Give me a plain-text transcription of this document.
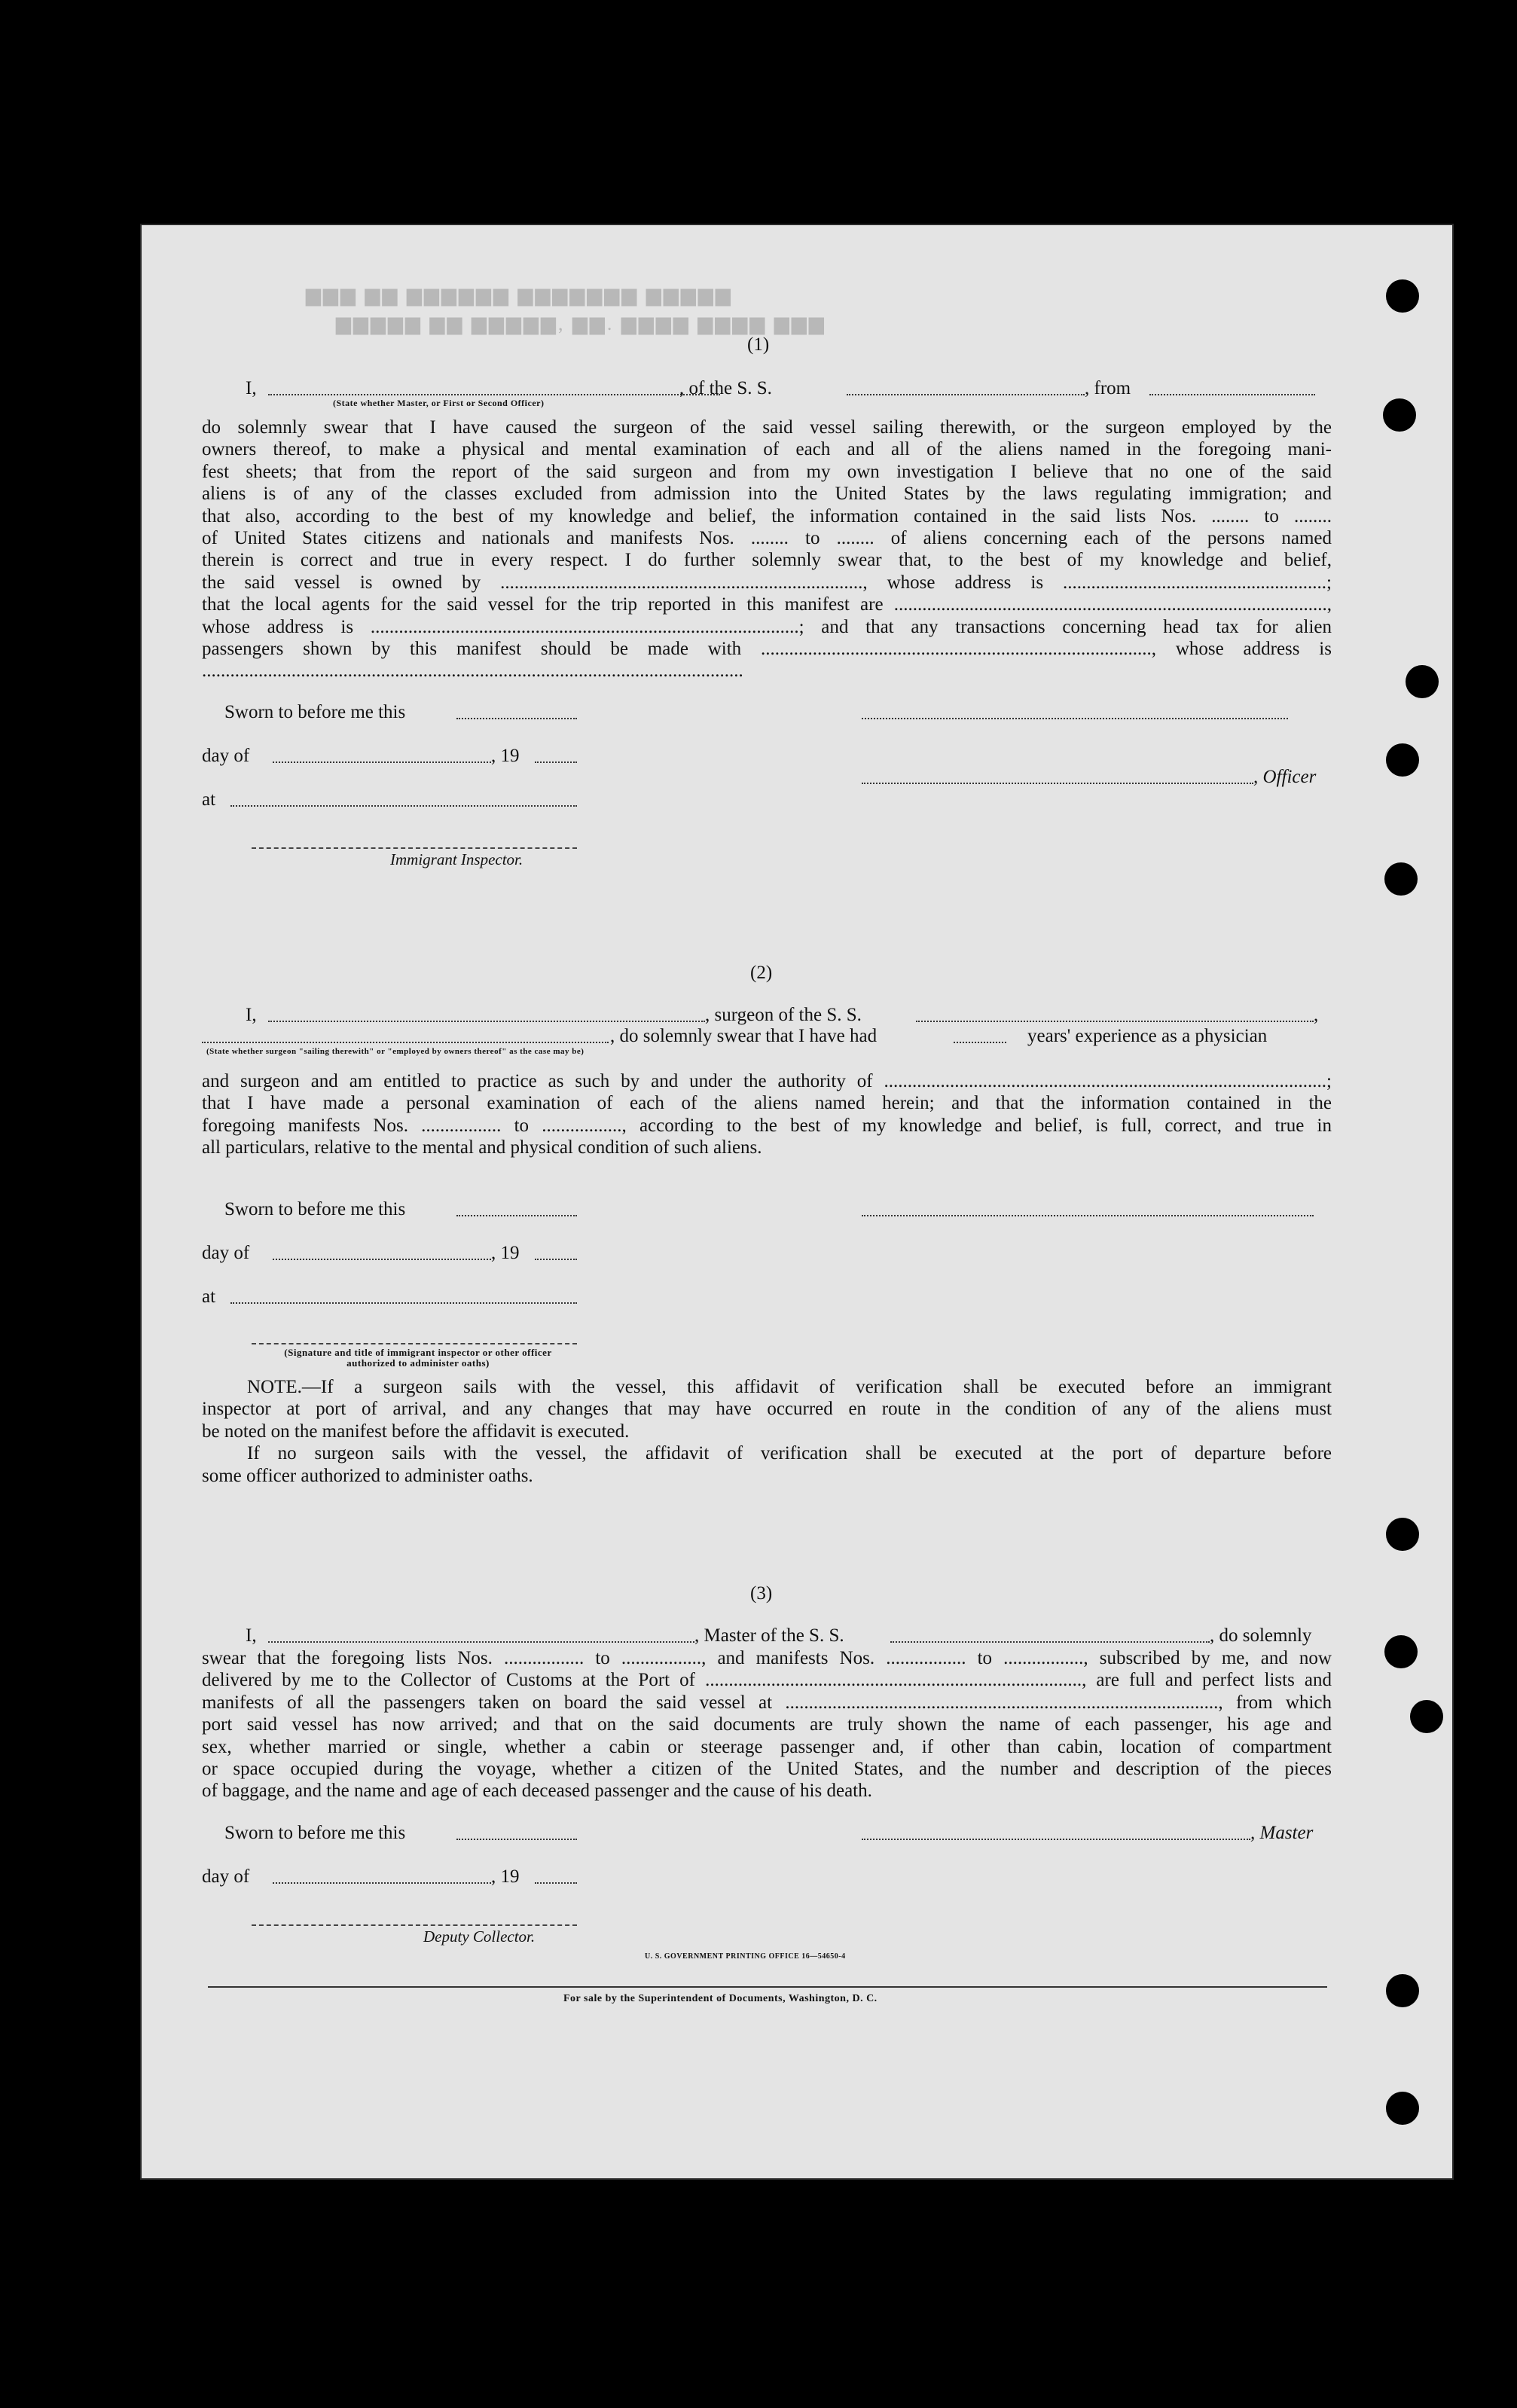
▆▆▆ ▆▆ ▆▆▆▆▆▆ ▆▆▆▆▆▆▆ ▆▆▆▆▆
▆▆▆▆▆ ▆▆ ▆▆▆▆▆, ▆▆. ▆▆▆▆ ▆▆▆▆ ▆▆▆
(1)
I,	, of the S. S.	, from
(State whether Master, or First or Second Officer)
do solemnly swear that I have caused the surgeon of the said vessel sailing therewith, or the surgeon employed by the
owners thereof, to make a physical and mental examination of each and all of the aliens named in the foregoing mani-
fest sheets; that from the report of the said surgeon and from my own investigation I believe that no one of the said
aliens is of any of the classes excluded from admission into the United States by the laws regulating immigration; and
that also, according to the best of my knowledge and belief, the information contained in the said lists Nos. ........ to ........
of United States citizens and nationals and manifests Nos. ........ to ........ of aliens concerning each of the persons named
therein is correct and true in every respect. I do further solemnly swear that, to the best of my knowledge and belief,
the said vessel is owned by ............................................................................., whose address is ........................................................;
that the local agents for the said vessel for the trip reported in this manifest are ............................................................................................,
whose address is ...........................................................................................; and that any transactions concerning head tax for alien
passengers shown by this manifest should be made with ..................................................................................., whose address is
...................................................................................................................
Sworn to before me this
day of	, 19
, Officer
at
Immigrant Inspector.
(2)
I,	, surgeon of the S. S.	,
, do solemnly swear that I have had	years' experience as a physician
(State whether surgeon "sailing therewith" or "employed by owners thereof" as the case may be)
and surgeon and am entitled to practice as such by and under the authority of ..............................................................................................;
that I have made a personal examination of each of the aliens named herein; and that the information contained in the
foregoing manifests Nos. ................. to ................., according to the best of my knowledge and belief, is full, correct, and true in
all particulars, relative to the mental and physical condition of such aliens.
Sworn to before me this
day of	, 19
at
(Signature and title of immigrant inspector or other officer authorized to administer oaths)
NOTE.—If a surgeon sails with the vessel, this affidavit of verification shall be executed before an immigrant
inspector at port of arrival, and any changes that may have occurred en route in the condition of any of the aliens must
be noted on the manifest before the affidavit is executed.
If no surgeon sails with the vessel, the affidavit of verification shall be executed at the port of departure before
some officer authorized to administer oaths.
(3)
I,	, Master of the S. S.	, do solemnly
swear that the foregoing lists Nos. ................. to ................., and manifests Nos. ................. to ................., subscribed by me, and now
delivered by me to the Collector of Customs at the Port of ................................................................................, are full and perfect lists and
manifests of all the passengers taken on board the said vessel at ............................................................................................, from which
port said vessel has now arrived; and that on the said documents are truly shown the name of each passenger, his age and
sex, whether married or single, whether a cabin or steerage passenger and, if other than cabin, location of compartment
or space occupied during the voyage, whether a citizen of the United States, and the number and description of the pieces
of baggage, and the name and age of each deceased passenger and the cause of his death.
Sworn to before me this	, Master
day of	, 19
Deputy Collector.
U. S. GOVERNMENT PRINTING OFFICE 16—54650-4
For sale by the Superintendent of Documents, Washington, D. C.
